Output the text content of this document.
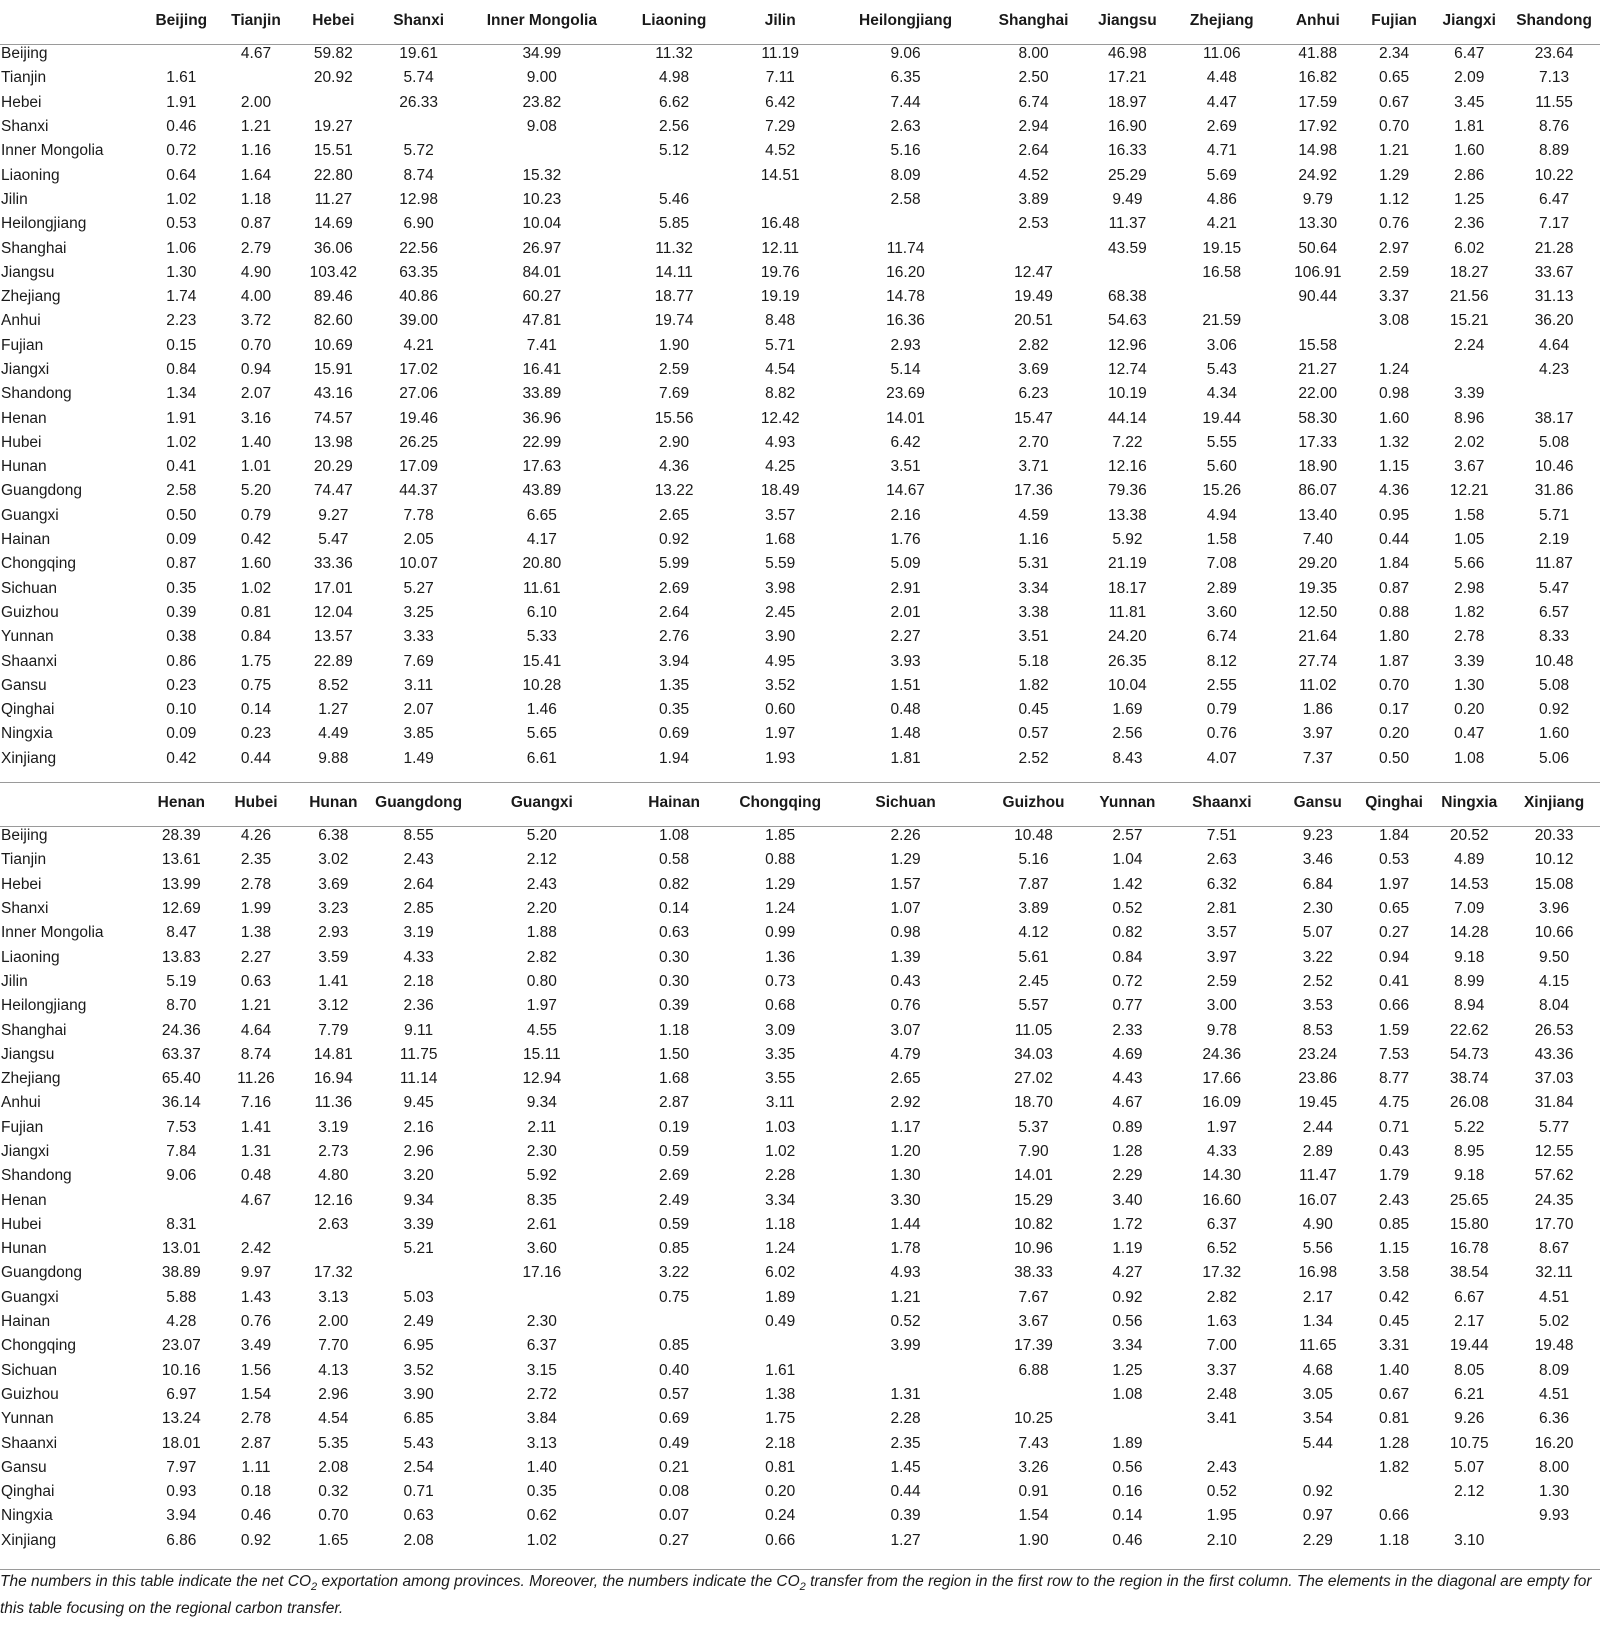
	Beijing	Tianjin	Hebei	Shanxi	Inner Mongolia	Liaoning	Jilin	Heilongjiang	Shanghai	Jiangsu	Zhejiang	Anhui	Fujian	Jiangxi	Shandong
Beijing		4.67	59.82	19.61	34.99	11.32	11.19	9.06	8.00	46.98	11.06	41.88	2.34	6.47	23.64
Tianjin	1.61		20.92	5.74	9.00	4.98	7.11	6.35	2.50	17.21	4.48	16.82	0.65	2.09	7.13
Hebei	1.91	2.00		26.33	23.82	6.62	6.42	7.44	6.74	18.97	4.47	17.59	0.67	3.45	11.55
Shanxi	0.46	1.21	19.27		9.08	2.56	7.29	2.63	2.94	16.90	2.69	17.92	0.70	1.81	8.76
Inner Mongolia	0.72	1.16	15.51	5.72		5.12	4.52	5.16	2.64	16.33	4.71	14.98	1.21	1.60	8.89
Liaoning	0.64	1.64	22.80	8.74	15.32		14.51	8.09	4.52	25.29	5.69	24.92	1.29	2.86	10.22
Jilin	1.02	1.18	11.27	12.98	10.23	5.46		2.58	3.89	9.49	4.86	9.79	1.12	1.25	6.47
Heilongjiang	0.53	0.87	14.69	6.90	10.04	5.85	16.48		2.53	11.37	4.21	13.30	0.76	2.36	7.17
Shanghai	1.06	2.79	36.06	22.56	26.97	11.32	12.11	11.74		43.59	19.15	50.64	2.97	6.02	21.28
Jiangsu	1.30	4.90	103.42	63.35	84.01	14.11	19.76	16.20	12.47		16.58	106.91	2.59	18.27	33.67
Zhejiang	1.74	4.00	89.46	40.86	60.27	18.77	19.19	14.78	19.49	68.38		90.44	3.37	21.56	31.13
Anhui	2.23	3.72	82.60	39.00	47.81	19.74	8.48	16.36	20.51	54.63	21.59		3.08	15.21	36.20
Fujian	0.15	0.70	10.69	4.21	7.41	1.90	5.71	2.93	2.82	12.96	3.06	15.58		2.24	4.64
Jiangxi	0.84	0.94	15.91	17.02	16.41	2.59	4.54	5.14	3.69	12.74	5.43	21.27	1.24		4.23
Shandong	1.34	2.07	43.16	27.06	33.89	7.69	8.82	23.69	6.23	10.19	4.34	22.00	0.98	3.39	
Henan	1.91	3.16	74.57	19.46	36.96	15.56	12.42	14.01	15.47	44.14	19.44	58.30	1.60	8.96	38.17
Hubei	1.02	1.40	13.98	26.25	22.99	2.90	4.93	6.42	2.70	7.22	5.55	17.33	1.32	2.02	5.08
Hunan	0.41	1.01	20.29	17.09	17.63	4.36	4.25	3.51	3.71	12.16	5.60	18.90	1.15	3.67	10.46
Guangdong	2.58	5.20	74.47	44.37	43.89	13.22	18.49	14.67	17.36	79.36	15.26	86.07	4.36	12.21	31.86
Guangxi	0.50	0.79	9.27	7.78	6.65	2.65	3.57	2.16	4.59	13.38	4.94	13.40	0.95	1.58	5.71
Hainan	0.09	0.42	5.47	2.05	4.17	0.92	1.68	1.76	1.16	5.92	1.58	7.40	0.44	1.05	2.19
Chongqing	0.87	1.60	33.36	10.07	20.80	5.99	5.59	5.09	5.31	21.19	7.08	29.20	1.84	5.66	11.87
Sichuan	0.35	1.02	17.01	5.27	11.61	2.69	3.98	2.91	3.34	18.17	2.89	19.35	0.87	2.98	5.47
Guizhou	0.39	0.81	12.04	3.25	6.10	2.64	2.45	2.01	3.38	11.81	3.60	12.50	0.88	1.82	6.57
Yunnan	0.38	0.84	13.57	3.33	5.33	2.76	3.90	2.27	3.51	24.20	6.74	21.64	1.80	2.78	8.33
Shaanxi	0.86	1.75	22.89	7.69	15.41	3.94	4.95	3.93	5.18	26.35	8.12	27.74	1.87	3.39	10.48
Gansu	0.23	0.75	8.52	3.11	10.28	1.35	3.52	1.51	1.82	10.04	2.55	11.02	0.70	1.30	5.08
Qinghai	0.10	0.14	1.27	2.07	1.46	0.35	0.60	0.48	0.45	1.69	0.79	1.86	0.17	0.20	0.92
Ningxia	0.09	0.23	4.49	3.85	5.65	0.69	1.97	1.48	0.57	2.56	0.76	3.97	0.20	0.47	1.60
Xinjiang	0.42	0.44	9.88	1.49	6.61	1.94	1.93	1.81	2.52	8.43	4.07	7.37	0.50	1.08	5.06
	Henan	Hubei	Hunan	Guangdong	Guangxi	Hainan	Chongqing	Sichuan	Guizhou	Yunnan	Shaanxi	Gansu	Qinghai	Ningxia	Xinjiang
Beijing	28.39	4.26	6.38	8.55	5.20	1.08	1.85	2.26	10.48	2.57	7.51	9.23	1.84	20.52	20.33
Tianjin	13.61	2.35	3.02	2.43	2.12	0.58	0.88	1.29	5.16	1.04	2.63	3.46	0.53	4.89	10.12
Hebei	13.99	2.78	3.69	2.64	2.43	0.82	1.29	1.57	7.87	1.42	6.32	6.84	1.97	14.53	15.08
Shanxi	12.69	1.99	3.23	2.85	2.20	0.14	1.24	1.07	3.89	0.52	2.81	2.30	0.65	7.09	3.96
Inner Mongolia	8.47	1.38	2.93	3.19	1.88	0.63	0.99	0.98	4.12	0.82	3.57	5.07	0.27	14.28	10.66
Liaoning	13.83	2.27	3.59	4.33	2.82	0.30	1.36	1.39	5.61	0.84	3.97	3.22	0.94	9.18	9.50
Jilin	5.19	0.63	1.41	2.18	0.80	0.30	0.73	0.43	2.45	0.72	2.59	2.52	0.41	8.99	4.15
Heilongjiang	8.70	1.21	3.12	2.36	1.97	0.39	0.68	0.76	5.57	0.77	3.00	3.53	0.66	8.94	8.04
Shanghai	24.36	4.64	7.79	9.11	4.55	1.18	3.09	3.07	11.05	2.33	9.78	8.53	1.59	22.62	26.53
Jiangsu	63.37	8.74	14.81	11.75	15.11	1.50	3.35	4.79	34.03	4.69	24.36	23.24	7.53	54.73	43.36
Zhejiang	65.40	11.26	16.94	11.14	12.94	1.68	3.55	2.65	27.02	4.43	17.66	23.86	8.77	38.74	37.03
Anhui	36.14	7.16	11.36	9.45	9.34	2.87	3.11	2.92	18.70	4.67	16.09	19.45	4.75	26.08	31.84
Fujian	7.53	1.41	3.19	2.16	2.11	0.19	1.03	1.17	5.37	0.89	1.97	2.44	0.71	5.22	5.77
Jiangxi	7.84	1.31	2.73	2.96	2.30	0.59	1.02	1.20	7.90	1.28	4.33	2.89	0.43	8.95	12.55
Shandong	9.06	0.48	4.80	3.20	5.92	2.69	2.28	1.30	14.01	2.29	14.30	11.47	1.79	9.18	57.62
Henan		4.67	12.16	9.34	8.35	2.49	3.34	3.30	15.29	3.40	16.60	16.07	2.43	25.65	24.35
Hubei	8.31		2.63	3.39	2.61	0.59	1.18	1.44	10.82	1.72	6.37	4.90	0.85	15.80	17.70
Hunan	13.01	2.42		5.21	3.60	0.85	1.24	1.78	10.96	1.19	6.52	5.56	1.15	16.78	8.67
Guangdong	38.89	9.97	17.32		17.16	3.22	6.02	4.93	38.33	4.27	17.32	16.98	3.58	38.54	32.11
Guangxi	5.88	1.43	3.13	5.03		0.75	1.89	1.21	7.67	0.92	2.82	2.17	0.42	6.67	4.51
Hainan	4.28	0.76	2.00	2.49	2.30		0.49	0.52	3.67	0.56	1.63	1.34	0.45	2.17	5.02
Chongqing	23.07	3.49	7.70	6.95	6.37	0.85		3.99	17.39	3.34	7.00	11.65	3.31	19.44	19.48
Sichuan	10.16	1.56	4.13	3.52	3.15	0.40	1.61		6.88	1.25	3.37	4.68	1.40	8.05	8.09
Guizhou	6.97	1.54	2.96	3.90	2.72	0.57	1.38	1.31		1.08	2.48	3.05	0.67	6.21	4.51
Yunnan	13.24	2.78	4.54	6.85	3.84	0.69	1.75	2.28	10.25		3.41	3.54	0.81	9.26	6.36
Shaanxi	18.01	2.87	5.35	5.43	3.13	0.49	2.18	2.35	7.43	1.89		5.44	1.28	10.75	16.20
Gansu	7.97	1.11	2.08	2.54	1.40	0.21	0.81	1.45	3.26	0.56	2.43		1.82	5.07	8.00
Qinghai	0.93	0.18	0.32	0.71	0.35	0.08	0.20	0.44	0.91	0.16	0.52	0.92		2.12	1.30
Ningxia	3.94	0.46	0.70	0.63	0.62	0.07	0.24	0.39	1.54	0.14	1.95	0.97	0.66		9.93
Xinjiang	6.86	0.92	1.65	2.08	1.02	0.27	0.66	1.27	1.90	0.46	2.10	2.29	1.18	3.10	
The numbers in this table indicate the net $CO_2$ exportation among provinces. Moreover, the numbers indicate the $CO_2$ transfer from the region in the first row to the region in the first column. The elements in the diagonal are empty for this table focusing on the regional carbon transfer.
